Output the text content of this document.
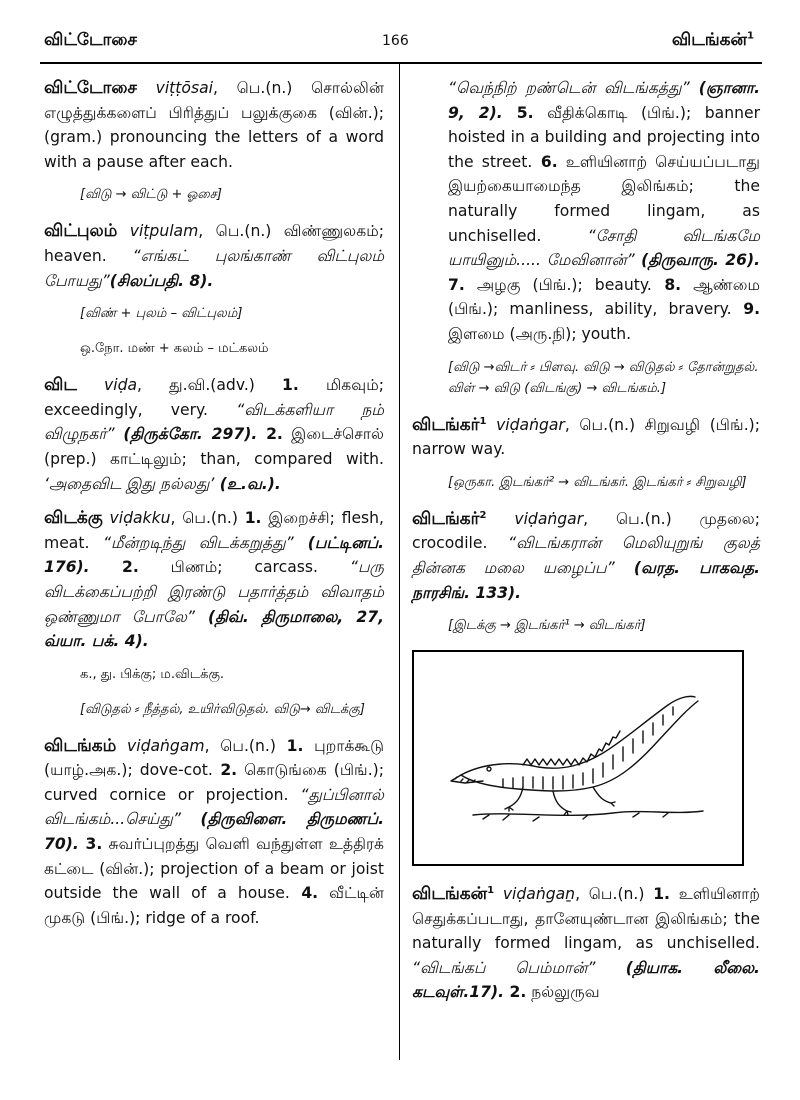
விட்டோசை	166	விடங்கன்$^1$
விட்டோசை viṭṭōsai, பெ.(n.) சொல்லின் எழுத்துக்களைப் பிரித்துப் பலுக்குகை (வின்.); (gram.) pronouncing the letters of a word with a pause after each.
[விடு → விட்டு + ஓசை]
விட்புலம் viṭpulam, பெ.(n.) விண்ணுலகம்; heaven. “எங்கட் புலங்காண் விட்புலம் போயது”(சிலப்பதி. 8).
[விண் + புலம் – விட்புலம்]
ஒ.நோ. மண் + கலம் – மட்கலம்
விட viḍa, து.வி.(adv.) 1. மிகவும்; exceedingly, very. “விடக்களியா நம் விழுநகர்” (திருக்கோ. 297). 2. இடைச்சொல் (prep.) காட்டிலும்; than, compared with. ‘அதைவிட இது நல்லது’ (உ.வ.).
விடக்கு viḍakku, பெ.(n.) 1. இறைச்சி; flesh, meat. “மீன்றடிந்து விடக்கறுத்து” (பட்டினப். 176). 2. பிணம்; carcass. “பரு விடக்கைப்பற்றி இரண்டு பதார்த்தம் விவாதம் ஒண்ணுமா போலே” (திவ். திருமாலை, 27, வ்யா. பக். 4).
க., து. பிக்கு; ம.விடக்கு.
[விடுதல் ⸗ நீத்தல், உயிர்விடுதல். விடு→ விடக்கு]
விடங்கம் viḍaṅgam, பெ.(n.) 1. புறாக்கூடு (யாழ்.அக.); dove-cot. 2. கொடுங்கை (பிங்.); curved cornice or projection. “துப்பினால் விடங்கம்...செய்து” (திருவிளை. திருமணப். 70). 3. சுவர்ப்புறத்து வெளி வந்துள்ள உத்திரக் கட்டை (வின்.); projection of a beam or joist outside the wall of a house. 4. வீட்டின் முகடு (பிங்.); ridge of a roof.
“வெந்நிற் றண்டென் விடங்கத்து” (ஞானா. 9, 2). 5. வீதிக்கொடி (பிங்.); banner hoisted in a building and projecting into the street. 6. உளியினாற் செய்யப்படாது இயற்கையாமைந்த இலிங்கம்; the naturally formed lingam, as unchiselled. “சோதி விடங்கமே யாயினும்..... மேவினான்” (திருவாரு. 26). 7. அழகு (பிங்.); beauty. 8. ஆண்மை (பிங்.); manliness, ability, bravery. 9. இளமை (அரு.நி); youth.
[விடு →விடர் ⸗ பிளவு. விடு → விடுதல் ⸗ தோன்றுதல். விள் → விடு (விடங்கு) → விடங்கம்.]
விடங்கர்$^1$ viḍaṅgar, பெ.(n.) சிறுவழி (பிங்.); narrow way.
[ஒருகா. இடங்கர்² → விடங்கர். இடங்கர் ⸗ சிறுவழி]
விடங்கர்$^2$ viḍaṅgar, பெ.(n.) முதலை; crocodile. “விடங்கரான் மெலியுறுங் குலத் தின்னக மலை யழைப்ப” (வரத. பாகவத. நாரசிங். 133).
[இடக்கு → இடங்கர்¹ → விடங்கர்]
விடங்கன்$^1$ viḍaṅgaṉ, பெ.(n.) 1. உளியினாற் செதுக்கப்படாது, தானேயுண்டான இலிங்கம்; the naturally formed lingam, as unchiselled. “விடங்கப் பெம்மான்” (தியாக. லீலை. கடவுள்.17). 2. நல்லுருவ
